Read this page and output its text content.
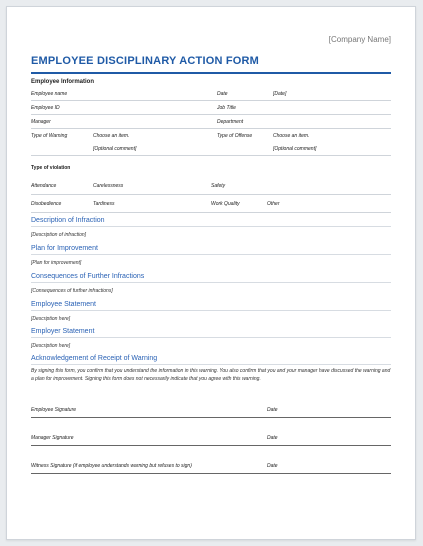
[Company Name]
EMPLOYEE DISCIPLINARY ACTION FORM
Employee Information
Employee name	Date	[Date]
Employee ID	Job Title
Manager	Department
Type of Warning	Choose an item.	Type of Offense	Choose an item.
[Optional comment]	[Optional comment]
Type of violation
Attendance	Carelessness	Safety
Disobedience	Tardiness	Work Quality	Other
Description of Infraction
[Description of infraction]
Plan for Improvement
[Plan for improvement]
Consequences of Further Infractions
[Consequences of further infractions]
Employee Statement
[Description here]
Employer Statement
[Description here]
Acknowledgement of Receipt of Warning
By signing this form, you confirm that you understand the information in this warning. You also confirm that you and your manager have discussed the warning and a plan for improvement. Signing this form does not necessarily indicate that you agree with this warning.
Employee Signature	Date
Manager Signature	Date
Witness Signature (if employee understands warning but refuses to sign)	Date
